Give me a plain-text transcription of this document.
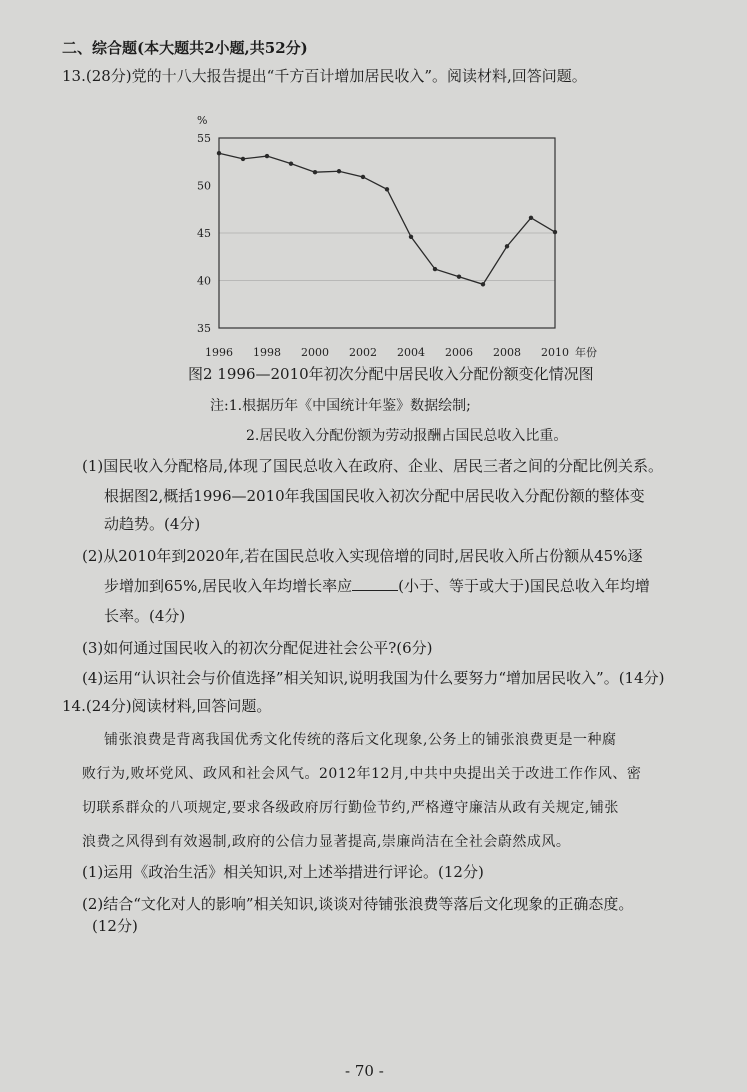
二、综合题(本大题共2小题,共52分)
13.(28分)党的十八大报告提出“千方百计增加居民收入”。阅读材料,回答问题。
35
40
45
50
55
1996 1998 2000 2002 2004 2006 2008 2010
%
年份
图2 1996—2010年初次分配中居民收入分配份额变化情况图
注:1.根据历年《中国统计年鉴》数据绘制;
2.居民收入分配份额为劳动报酬占国民总收入比重。
(1)国民收入分配格局,体现了国民总收入在政府、企业、居民三者之间的分配比例关系。
根据图2,概括1996—2010年我国国民收入初次分配中居民收入分配份额的整体变
动趋势。(4分)
(2)从2010年到2020年,若在国民总收入实现倍增的同时,居民收入所占份额从45%逐
步增加到65%,居民收入年均增长率应	(小于、等于或大于)国民总收入年均增
长率。(4分)
(3)如何通过国民收入的初次分配促进社会公平?(6分)
(4)运用“认识社会与价值选择”相关知识,说明我国为什么要努力“增加居民收入”。(14分)
14.(24分)阅读材料,回答问题。
铺张浪费是背离我国优秀文化传统的落后文化现象,公务上的铺张浪费更是一种腐
败行为,败坏党风、政风和社会风气。2012年12月,中共中央提出关于改进工作作风、密
切联系群众的八项规定,要求各级政府厉行勤俭节约,严格遵守廉洁从政有关规定,铺张
浪费之风得到有效遏制,政府的公信力显著提高,崇廉尚洁在全社会蔚然成风。
(1)运用《政治生活》相关知识,对上述举措进行评论。(12分)
(2)结合“文化对人的影响”相关知识,谈谈对待铺张浪费等落后文化现象的正确态度。
(12分)
- 70 -
